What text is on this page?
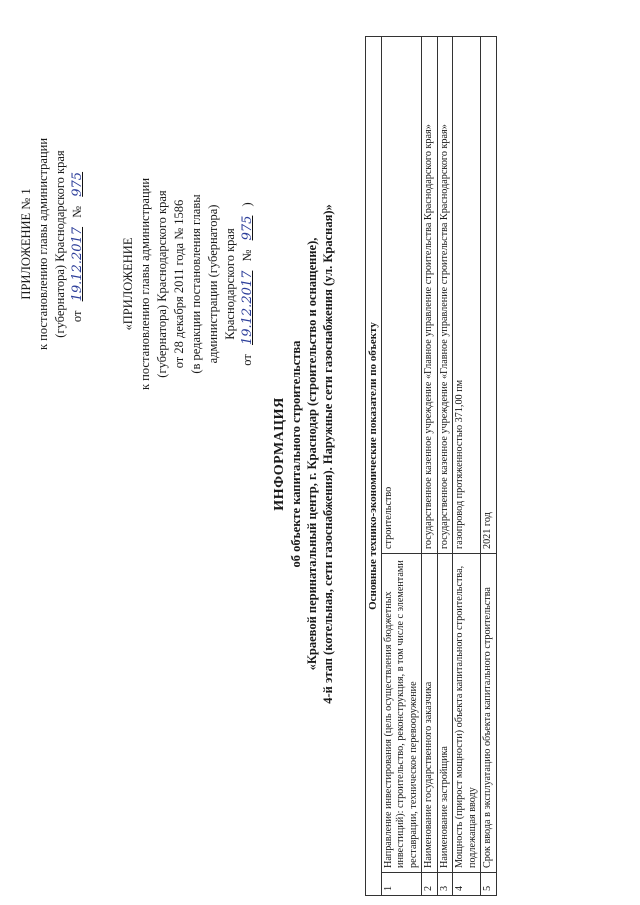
ПРИЛОЖЕНИЕ № 1 к постановлению главы администрации (губернатора) Краснодарского края от 19.12.2017 № 975
«ПРИЛОЖЕНИЕ к постановлению главы администрации (губернатора) Краснодарского края от 28 декабря 2011 года № 1586 (в редакции постановления главы администрации (губернатора) Краснодарского края
от 19.12.2017 № 975 )
ИНФОРМАЦИЯ об объекте капитального строительства «Краевой перинатальный центр, г. Краснодар (строительство и оснащение), 4-й этап (котельная, сети газоснабжения). Наружные сети газоснабжения (ул. Красная)»	Основные технико-экономические показатели по объекту		
1	Направление инвестирования (цель осуществления бюджетных инвестиций): строительство, реконструкция, в том числе с элементами реставрации, техническое перевооружение	строительство
2	Наименование государственного заказчика	государственное казенное учреждение «Главное управление строительства Краснодарского края»
3	Наименование застройщика	государственное казенное учреждение «Главное управление строительства Краснодарского края»
4	Мощность (прирост мощности) объекта капитального строительства, подлежащая вводу	газопровод протяженностью 371,00 пм
5	Срок ввода в эксплуатацию объекта капитального строительства	2021 год
